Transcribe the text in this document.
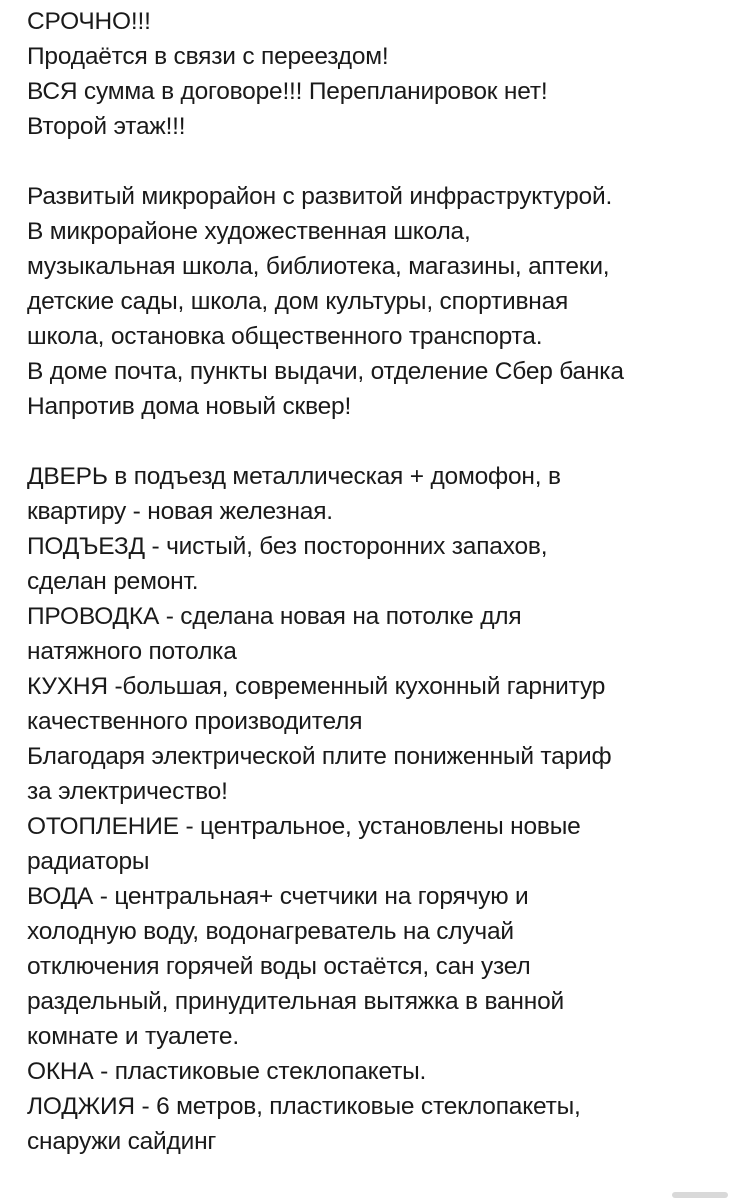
СРОЧНО!!!
Продаётся в связи с переездом!
ВСЯ сумма в договоре!!! Перепланировок нет!
Второй этаж!!!
Развитый микрорайон с развитой инфраструктурой.
В микрорайоне художественная школа,
музыкальная школа, библиотека, магазины, аптеки,
детские сады, школа, дом культуры, спортивная
школа, остановка общественного транспорта.
В доме почта, пункты выдачи, отделение Сбер банка
Напротив дома новый сквер!
ДВЕРЬ в подъезд металлическая + домофон, в
квартиру - новая железная.
ПОДЪЕЗД - чистый, без посторонних запахов,
сделан ремонт.
ПРОВОДКА - сделана новая на потолке для
натяжного потолка
КУХНЯ -большая, современный кухонный гарнитур
качественного производителя
Благодаря электрической плите пониженный тариф
за электричество!
ОТОПЛЕНИЕ - центральное, установлены новые
радиаторы
ВОДА - центральная+ счетчики на горячую и
холодную воду, водонагреватель на случай
отключения горячей воды остаётся, сан узел
раздельный, принудительная вытяжка в ванной
комнате и туалете.
ОКНА - пластиковые стеклопакеты.
ЛОДЖИЯ - 6 метров, пластиковые стеклопакеты,
снаружи сайдинг
